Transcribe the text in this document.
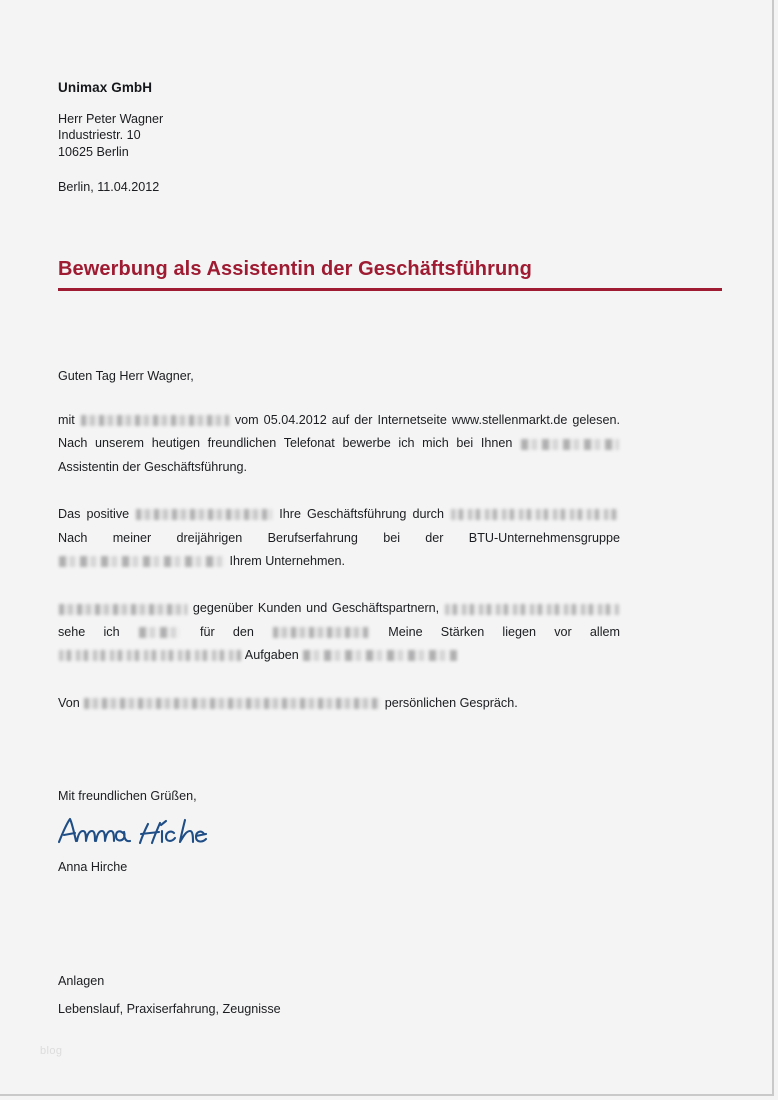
Unimax GmbH
Herr Peter Wagner
Industriestr. 10
10625 Berlin
Berlin, 11.04.2012
Bewerbung als Assistentin der Geschäftsführung
Guten Tag Herr Wagner,

mit	vom 05.04.2012 auf der Internetseite www.stellenmarkt.de gelesen. Nach unserem heutigen freundlichen Telefonat bewerbe ich mich bei Ihnen  Assistentin der Geschäftsführung.

Das positive	Ihre Geschäftsführung durch  Nach meiner dreijährigen Berufserfahrung bei der BTU-Unternehmensgruppe  Ihrem Unternehmen.

gegenüber Kunden und Geschäftspartnern,  sehe ich	für den	Meine Stärken liegen vor allem  Aufgaben

Von	persönlichen Gespräch.

Mit freundlichen Grüßen,
Anna Hirche
Anlagen
Lebenslauf, Praxiserfahrung, Zeugnisse
blog
